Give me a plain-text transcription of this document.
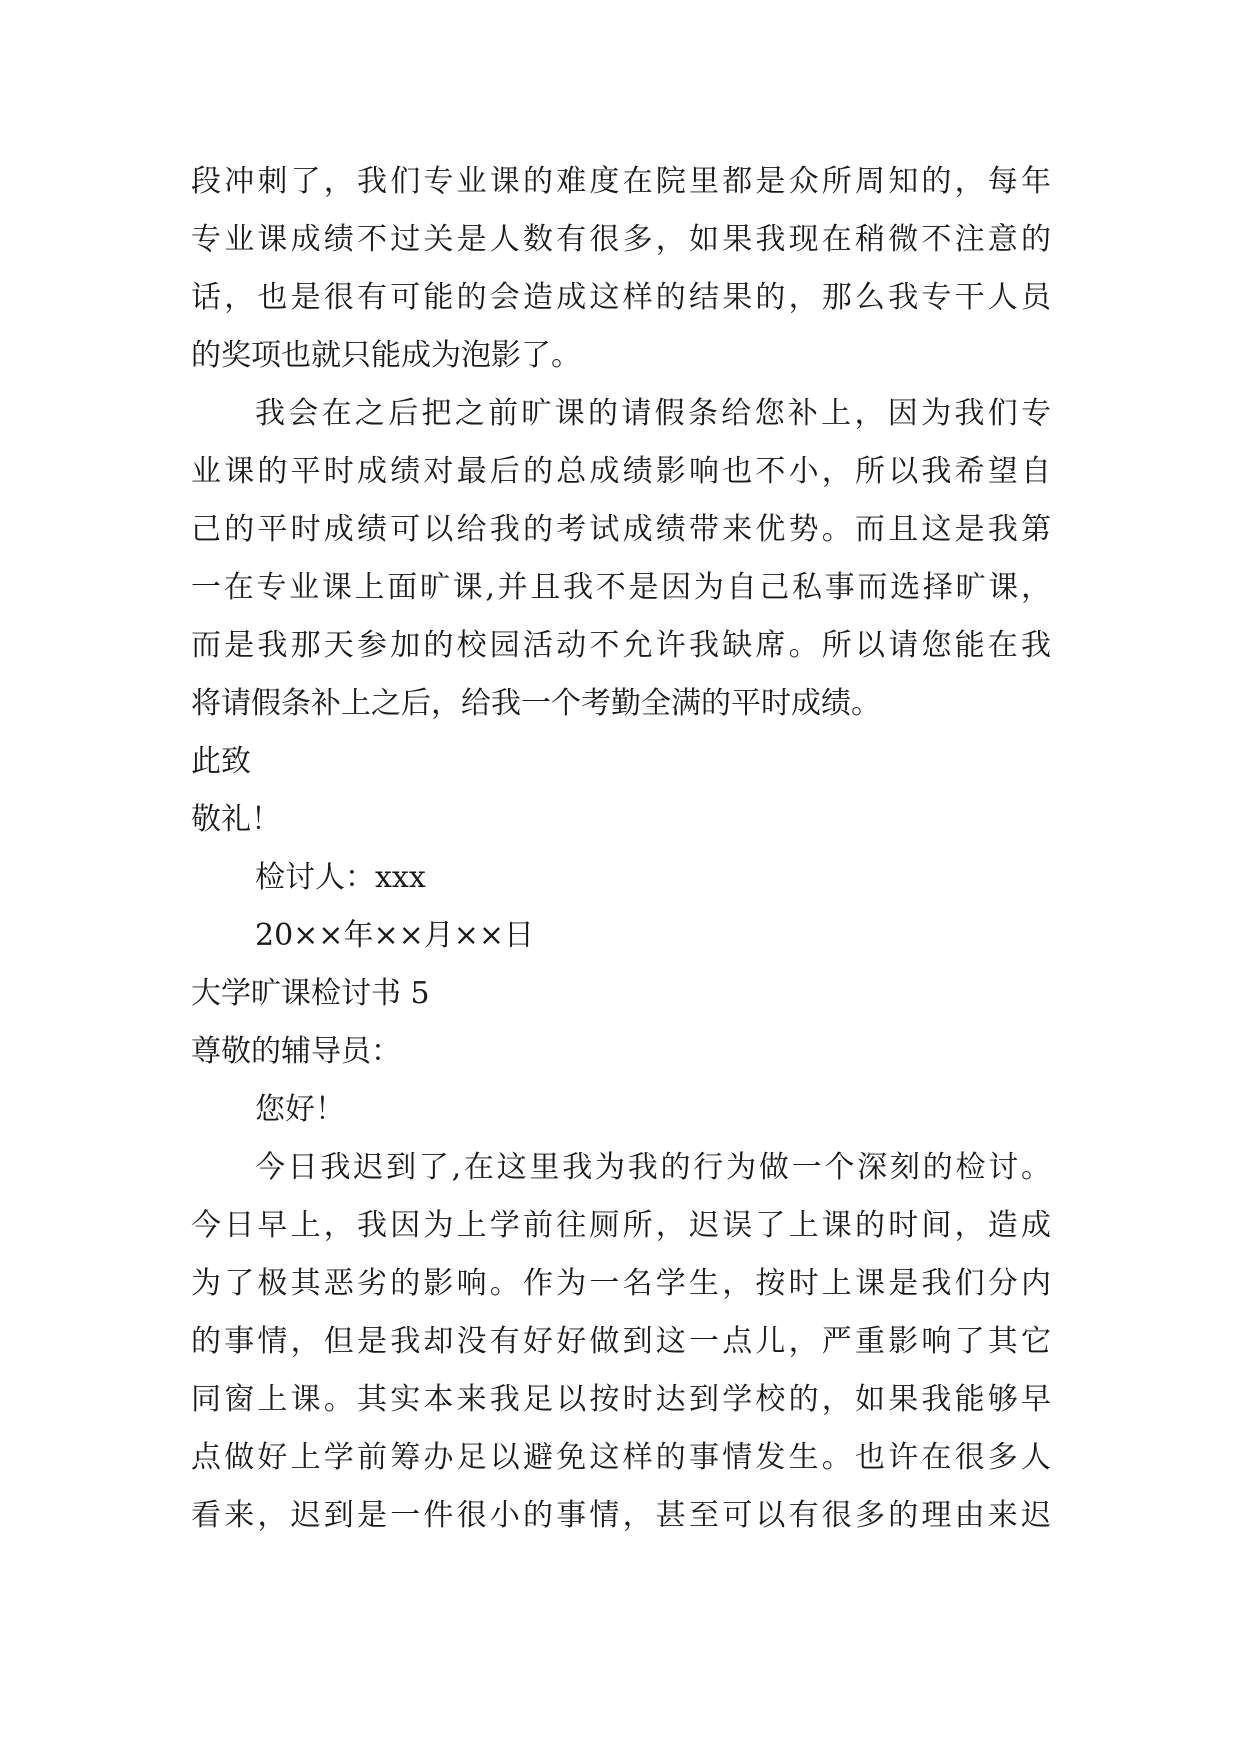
段冲刺了，我们专业课的难度在院里都是众所周知的，每年
专业课成绩不过关是人数有很多，如果我现在稍微不注意的
话，也是很有可能的会造成这样的结果的，那么我专干人员
的奖项也就只能成为泡影了。
我会在之后把之前旷课的请假条给您补上，因为我们专
业课的平时成绩对最后的总成绩影响也不小，所以我希望自
己的平时成绩可以给我的考试成绩带来优势。而且这是我第
一在专业课上面旷课,并且我不是因为自己私事而选择旷课，
而是我那天参加的校园活动不允许我缺席。所以请您能在我
将请假条补上之后，给我一个考勤全满的平时成绩。
此致
敬礼！
检讨人：xxx
20××年××月××日
大学旷课检讨书 5
尊敬的辅导员：
您好！
今日我迟到了,在这里我为我的行为做一个深刻的检讨。
今日早上，我因为上学前往厕所，迟误了上课的时间，造成
为了极其恶劣的影响。作为一名学生，按时上课是我们分内
的事情，但是我却没有好好做到这一点儿，严重影响了其它
同窗上课。其实本来我足以按时达到学校的，如果我能够早
点做好上学前筹办足以避免这样的事情发生。也许在很多人
看来，迟到是一件很小的事情，甚至可以有很多的理由来迟
